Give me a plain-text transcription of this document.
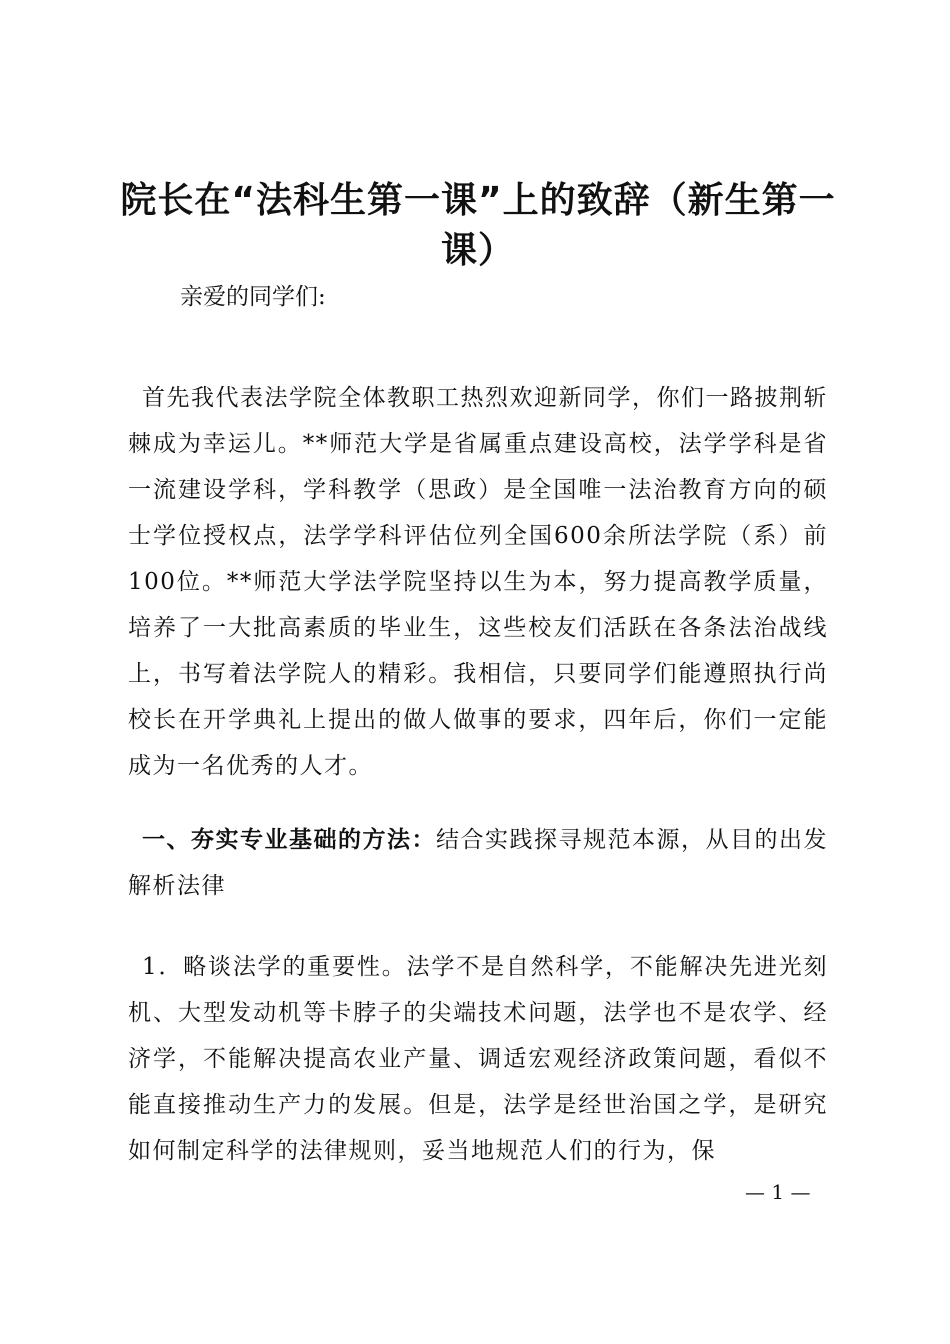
院长在“法科生第一课”上的致辞（新生第一课）

亲爱的同学们:

首先我代表法学院全体教职工热烈欢迎新同学，你们一路披荆斩棘成为幸运儿。**师范大学是省属重点建设高校，法学学科是省一流建设学科，学科教学（思政）是全国唯一法治教育方向的硕士学位授权点，法学学科评估位列全国600余所法学院（系）前100位。**师范大学法学院坚持以生为本，努力提高教学质量，培养了一大批高素质的毕业生，这些校友们活跃在各条法治战线上，书写着法学院人的精彩。我相信，只要同学们能遵照执行尚校长在开学典礼上提出的做人做事的要求，四年后，你们一定能成为一名优秀的人才。

一、夯实专业基础的方法：结合实践探寻规范本源，从目的出发解析法律

1．略谈法学的重要性。法学不是自然科学，不能解决先进光刻机、大型发动机等卡脖子的尖端技术问题，法学也不是农学、经济学，不能解决提高农业产量、调适宏观经济政策问题，看似不能直接推动生产力的发展。但是，法学是经世治国之学，是研究如何制定科学的法律规则，妥当地规范人们的行为，保

— 1 —
